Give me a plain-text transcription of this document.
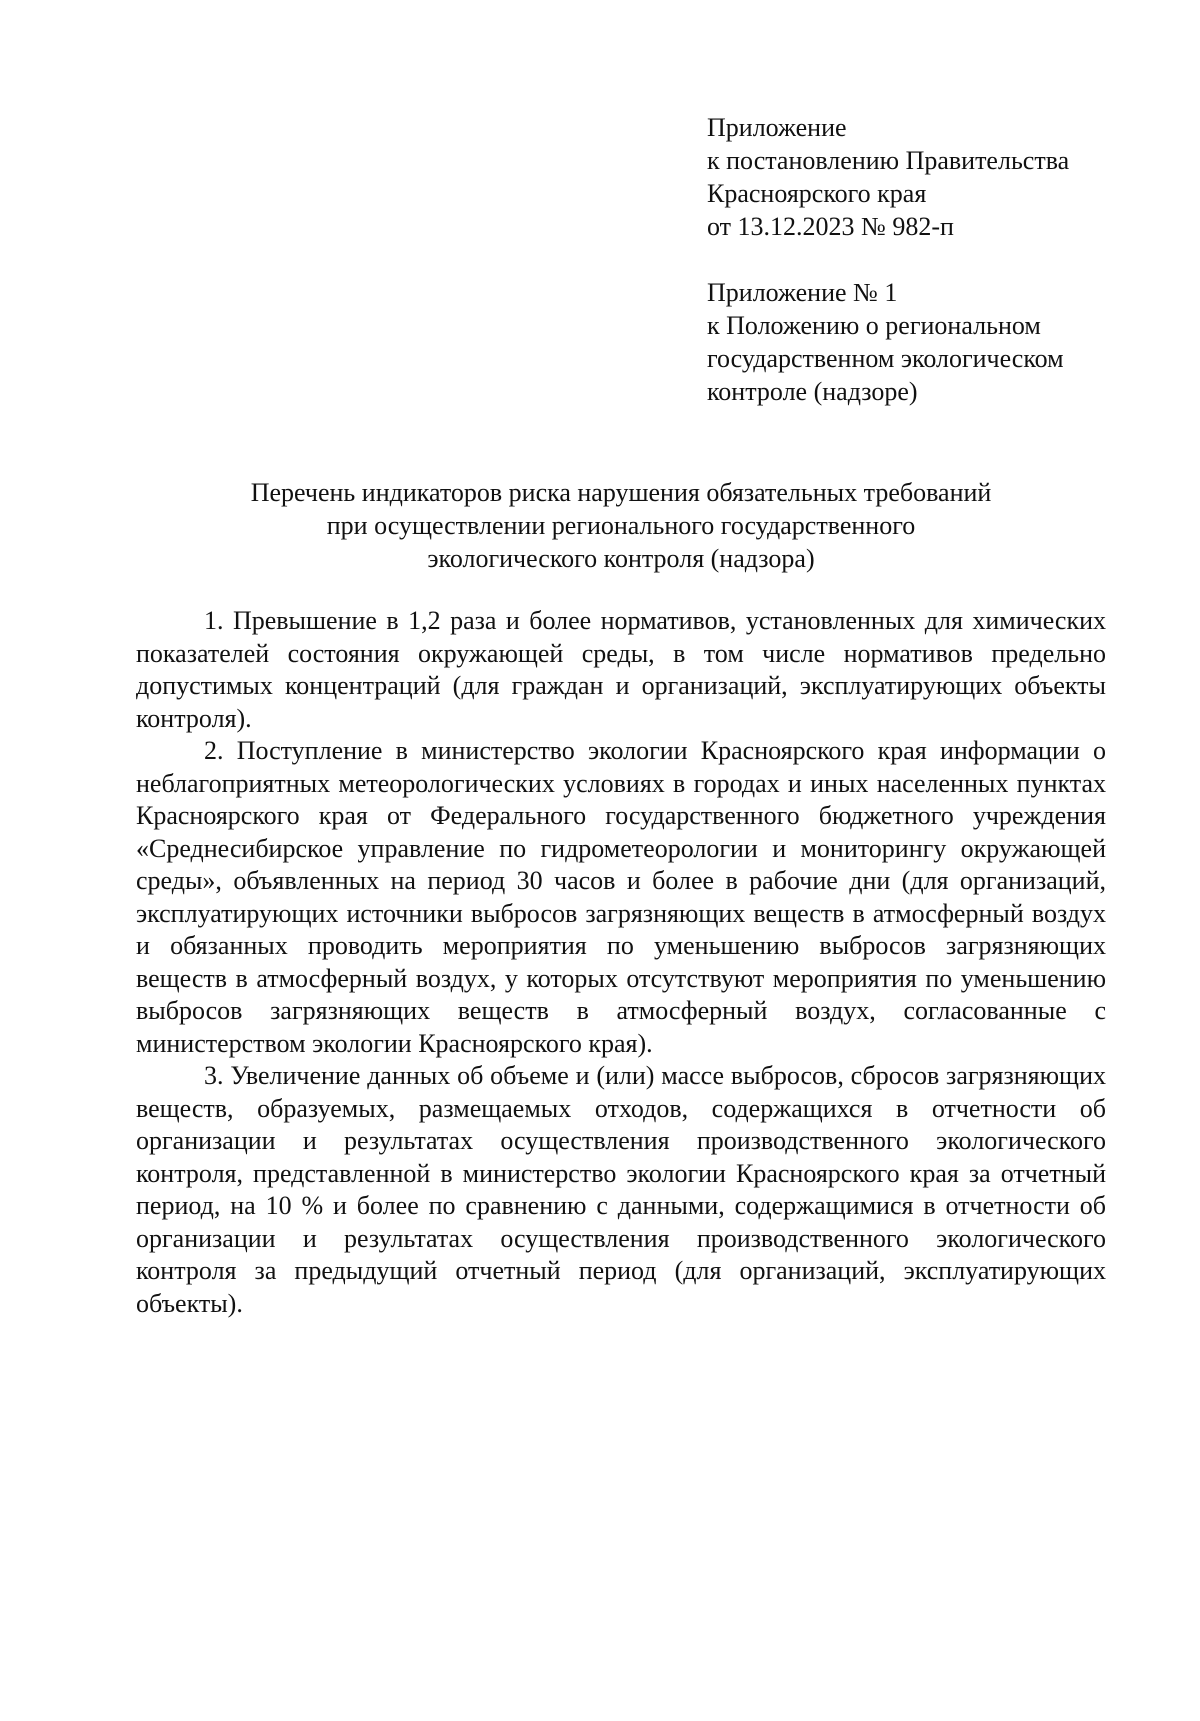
Приложение
к постановлению Правительства
Красноярского края
от 13.12.2023 № 982-п
Приложение № 1
к Положению о региональном
государственном экологическом
контроле (надзоре)
Перечень индикаторов риска нарушения обязательных требований
при осуществлении регионального государственного
экологического контроля (надзора)

1. Превышение в 1,2 раза и более нормативов, установленных для химических показателей состояния окружающей среды, в том числе нормативов предельно допустимых концентраций (для граждан и организаций, эксплуатирующих объекты контроля).

2. Поступление в министерство экологии Красноярского края информации о неблагоприятных метеорологических условиях в городах и иных населенных пунктах Красноярского края от Федерального государственного бюджетного учреждения «Среднесибирское управление по гидрометеорологии и мониторингу окружающей среды», объявленных на период 30 часов и более в рабочие дни (для организаций, эксплуатирующих источники выбросов загрязняющих веществ в атмосферный воздух и обязанных проводить мероприятия по уменьшению выбросов загрязняющих веществ в атмосферный воздух, у которых отсутствуют мероприятия по уменьшению выбросов загрязняющих веществ в атмосферный воздух, согласованные с министерством экологии Красноярского края).

3. Увеличение данных об объеме и (или) массе выбросов, сбросов загрязняющих веществ, образуемых, размещаемых отходов, содержащихся в отчетности об организации и результатах осуществления производственного экологического контроля, представленной в министерство экологии Красноярского края за отчетный период, на 10 % и более по сравнению с данными, содержащимися в отчетности об организации и результатах осуществления производственного экологического контроля за предыдущий отчетный период (для организаций, эксплуатирующих объекты).
